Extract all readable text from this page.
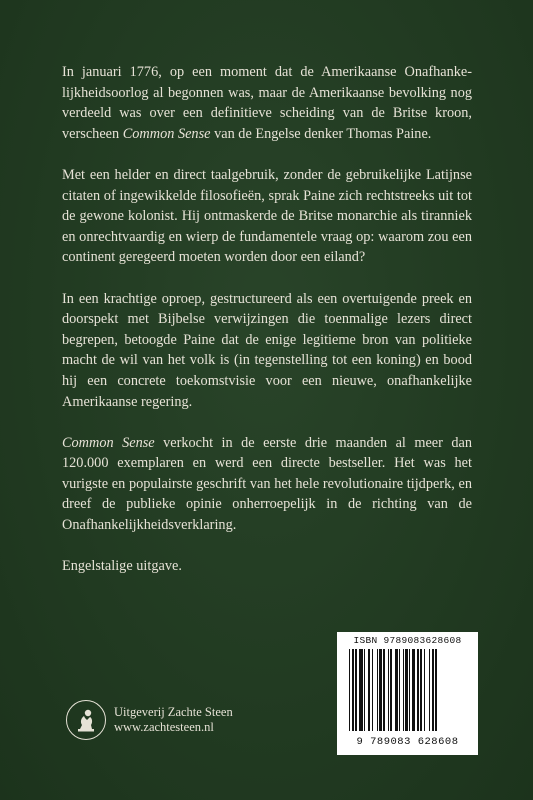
In januari 1776, op een moment dat de Amerikaanse Onafhanke-lijkheidsoorlog al begonnen was, maar de Amerikaanse bevolking nog verdeeld was over een definitieve scheiding van de Britse kroon, verscheen Common Sense van de Engelse denker Thomas Paine.

Met een helder en direct taalgebruik, zonder de gebruikelijke Latijnse citaten of ingewikkelde filosofieën, sprak Paine zich rechtstreeks uit tot de gewone kolonist. Hij ontmaskerde de Britse monarchie als tiranniek en onrechtvaardig en wierp de fundamentele vraag op: waarom zou een continent geregeerd moeten worden door een eiland?

In een krachtige oproep, gestructureerd als een overtuigende preek en doorspekt met Bijbelse verwijzingen die toenmalige lezers direct begrepen, betoogde Paine dat de enige legitieme bron van politieke macht de wil van het volk is (in tegenstelling tot een koning) en bood hij een concrete toekomstvisie voor een nieuwe, onafhankelijke Amerikaanse regering.

Common Sense verkocht in de eerste drie maanden al meer dan 120.000 exemplaren en werd een directe bestseller. Het was het vurigste en populairste geschrift van het hele revolutionaire tijdperk, en dreef de publieke opinie onherroepelijk in de richting van de Onafhankelijkheidsverklaring.

Engelstalige uitgave.

Uitgeverij Zachte Steen
www.zachtesteen.nl
ISBN 9789083628608
9 789083 628608
